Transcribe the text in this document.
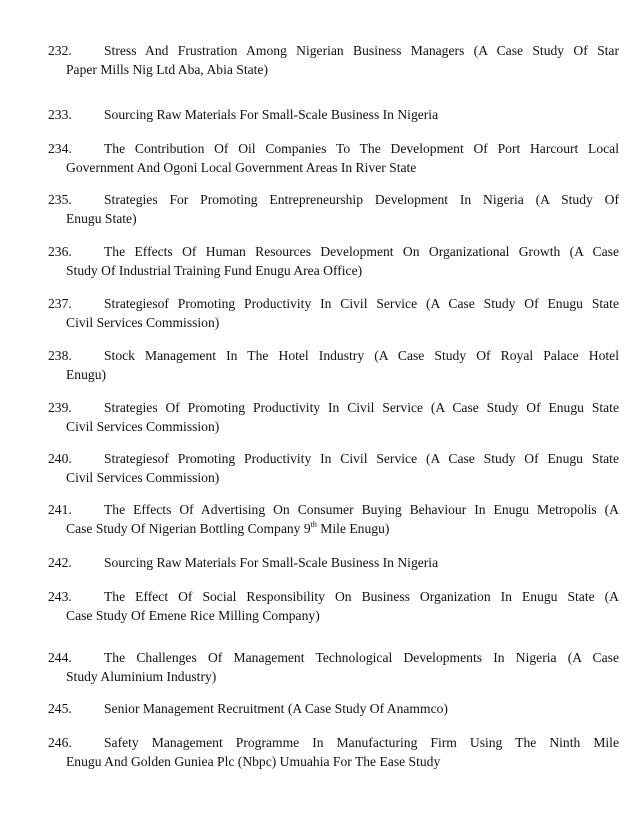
232.	Stress And Frustration Among Nigerian Business Managers (A Case Study Of Star
Paper Mills Nig Ltd Aba, Abia State)
233.	Sourcing Raw Materials For Small-Scale Business In Nigeria
234.	The Contribution Of Oil Companies To The Development Of Port Harcourt Local
Government And Ogoni Local Government Areas In River State
235.	Strategies For Promoting Entrepreneurship Development In Nigeria (A Study Of
Enugu State)
236.	The Effects Of Human Resources Development On Organizational Growth (A Case
Study Of Industrial Training Fund Enugu Area Office)
237.	Strategiesof Promoting Productivity In Civil Service (A Case Study Of Enugu State
Civil Services Commission)
238.	Stock Management In The Hotel Industry (A Case Study Of Royal Palace Hotel
Enugu)
239.	Strategies Of Promoting Productivity In Civil Service (A Case Study Of Enugu State
Civil Services Commission)
240.	Strategiesof Promoting Productivity In Civil Service (A Case Study Of Enugu State
Civil Services Commission)
241.	The Effects Of Advertising On Consumer Buying Behaviour In Enugu Metropolis (A
Case Study Of Nigerian Bottling Company 9th Mile Enugu)
242.	Sourcing Raw Materials For Small-Scale Business In Nigeria
243.	The Effect Of Social Responsibility On Business Organization In Enugu State (A
Case Study Of Emene Rice Milling Company)
244.	The Challenges Of Management Technological Developments In Nigeria (A Case
Study Aluminium Industry)
245.	Senior Management Recruitment (A Case Study Of Anammco)
246.	Safety Management Programme In Manufacturing Firm Using The Ninth Mile
Enugu And Golden Guniea Plc (Nbpc) Umuahia For The Ease Study
